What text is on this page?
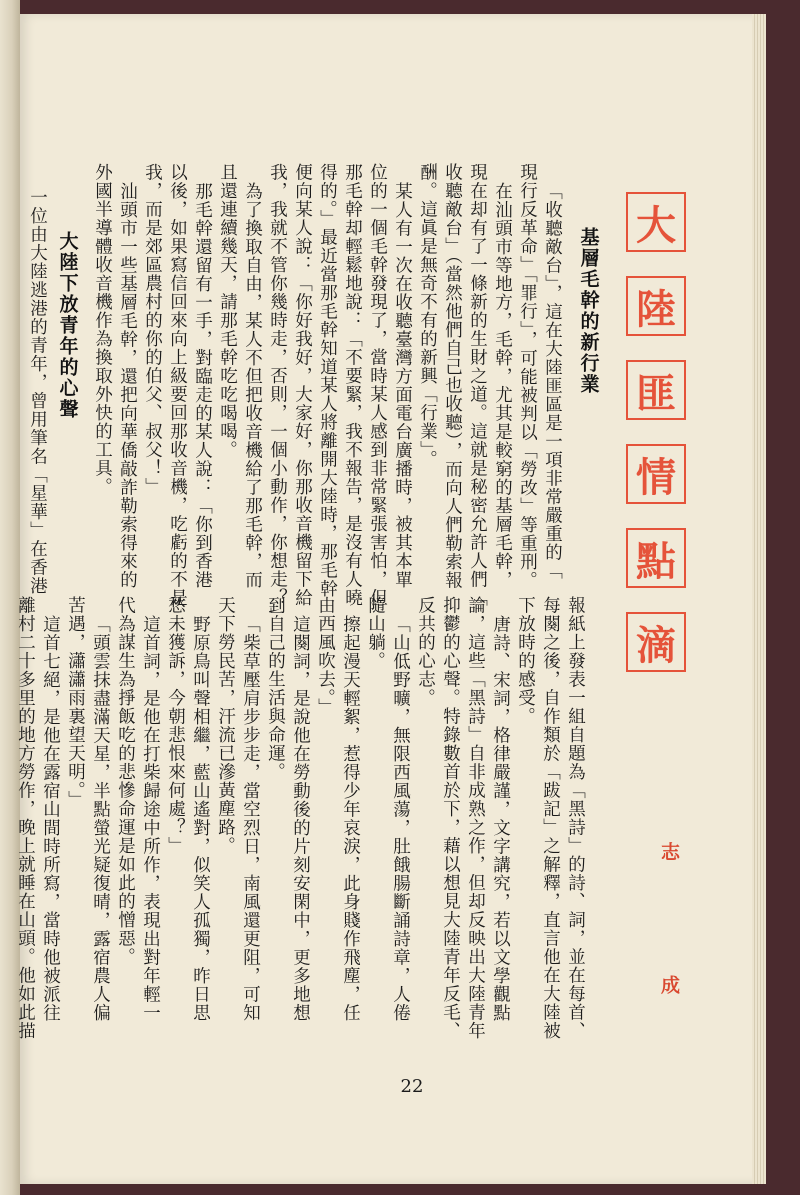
大
陸
匪
情
點
滴
志 成
基層毛幹的新行業
「收聽敵台」，這在大陸匪區是一項非常嚴重的「
現行反革命」「罪行」，可能被判以「勞改」等重刑。
在汕頭市等地方，毛幹，尤其是較窮的基層毛幹，
現在却有了一條新的生財之道。這就是秘密允許人們「
收聽敵台」（當然他們自己也收聽），而向人們勒索報
酬。這眞是無奇不有的新興「行業」。
某人有一次在收聽臺灣方面電台廣播時，被其本單
位的一個毛幹發現了，當時某人感到非常緊張害怕，但
那毛幹却輕鬆地說：「不要緊，我不報告，是沒有人曉
得的。」最近當那毛幹知道某人將離開大陸時，那毛幹
便向某人說：「你好我好，大家好，你那收音機留下給
我，我就不管你幾時走，否則，一個小動作，你想走？」
為了換取自由，某人不但把收音機給了那毛幹，而
且還連續幾天，請那毛幹吃吃喝喝。
那毛幹還留有一手，對臨走的某人說：「你到香港
以後，如果寫信回來向上級要回那收音機，吃虧的不是
我，而是郊區農村的你的伯父、叔父！」
汕頭市一些基層毛幹，還把向華僑敲詐勒索得來的
外國半導體收音機作為換取外快的工具。
大陸下放青年的心聲
一位由大陸逃港的青年，曾用筆名「星華」在香港
報紙上發表一組自題為「黑詩」的詩、詞，並在每首、
每闋之後，自作類於「跋記」之解釋，直言他在大陸被
下放時的感受。
唐詩、宋詞，格律嚴謹，文字講究，若以文學觀點
論，這些「黑詩」自非成熟之作，但却反映出大陸青年
抑鬱的心聲。特錄數首於下，藉以想見大陸青年反毛、
反共的心志。
「山低野曠，無限西風蕩，肚餓腸斷誦詩章，人倦
隨山躺。
擦起漫天輕絮，惹得少年哀淚，此身賤作飛塵，任
由西風吹去。」
這闋詞，是說他在勞動後的片刻安閑中，更多地想
到自己的生活與命運。
「柴草壓肩步步走，當空烈日，南風還更阻，可知
天下勞民苦，汗流已滲黃塵路。
野原鳥叫聲相繼，藍山遙對，似笑人孤獨，昨日思
愁未獲訴，今朝悲恨來何處？」
這首詞，是他在打柴歸途中所作，表現出對年輕一
代為謀生為掙飯吃的悲慘命運是如此的憎惡。
「頭雲抹盡滿天星，半點螢光疑復晴，露宿農人偏
苦遇，瀟瀟雨裏望天明。」
這首七絕，是他在露宿山間時所寫，當時他被派往
離村二十多里的地方勞作，晚上就睡在山頭。他如此描
22
